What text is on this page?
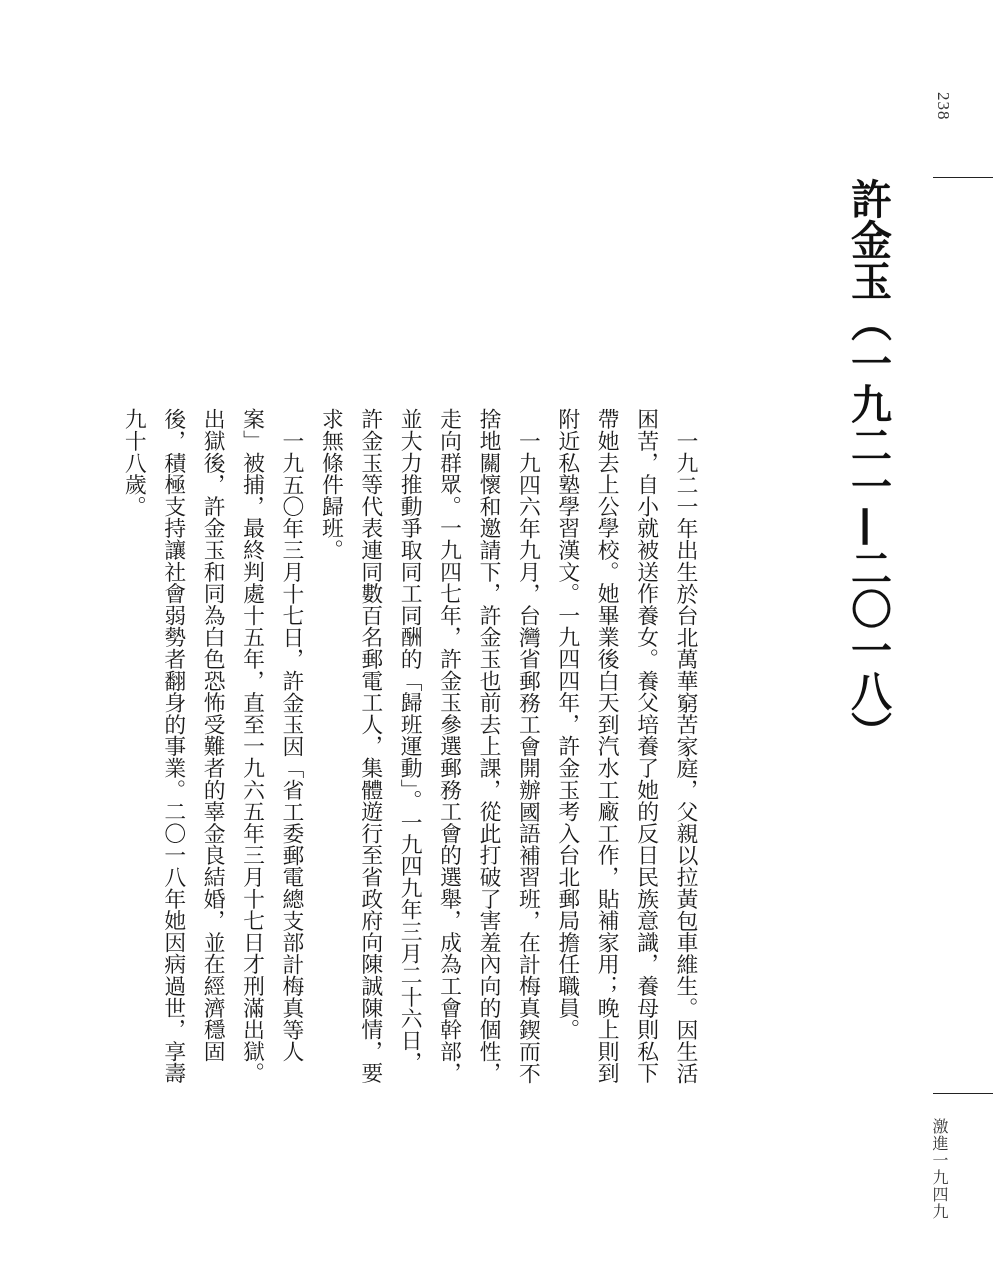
238
許金玉（一九二一—二〇一八）

一九二一年出生於台北萬華窮苦家庭，父親以拉黃包車維生。因生活困苦，自小就被送作養女。養父培養了她的反日民族意識，養母則私下帶她去上公學校。她畢業後白天到汽水工廠工作，貼補家用；晚上則到附近私塾學習漢文。一九四四年，許金玉考入台北郵局擔任職員。

一九四六年九月，台灣省郵務工會開辦國語補習班，在計梅真鍥而不捨地關懷和邀請下，許金玉也前去上課，從此打破了害羞內向的個性，走向群眾。一九四七年，許金玉參選郵務工會的選舉，成為工會幹部，並大力推動爭取同工同酬的「歸班運動」。一九四九年三月二十六日，許金玉等代表連同數百名郵電工人，集體遊行至省政府向陳誠陳情，要求無條件歸班。

一九五〇年三月十七日，許金玉因「省工委郵電總支部計梅真等人案」被捕，最終判處十五年，直至一九六五年三月十七日才刑滿出獄。出獄後，許金玉和同為白色恐怖受難者的辜金良結婚，並在經濟穩固後，積極支持讓社會弱勢者翻身的事業。二〇一八年她因病過世，享壽九十八歲。

激進一九四九
